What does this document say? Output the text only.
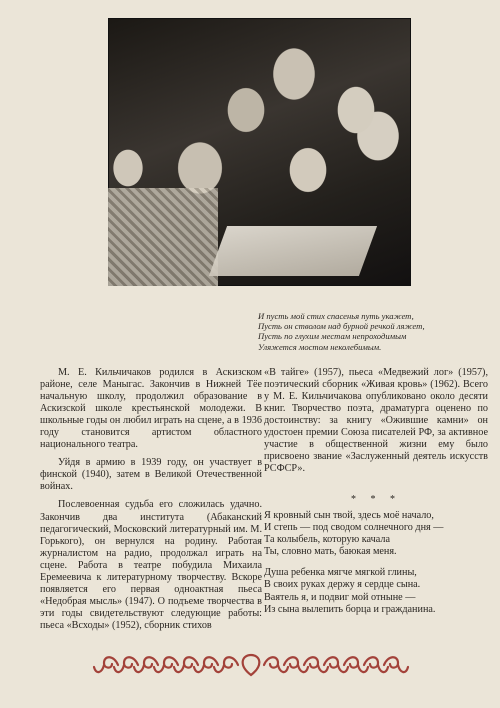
И пусть мой стих спасенья путь укажет,
Пусть он стволом над бурной речкой ляжет,
Пусть по глухим местам непроходимым
Уляжется мостом неколебимым.

М. Е. Кильчичаков родился в Аскизском районе, селе Маныгас. Закончив в Нижней Тёе начальную школу, продолжил образование в Аскизской школе крестьянской молодежи. В школьные годы он любил играть на сцене, а в 1936 году становится артистом областного национального театра.

Уйдя в армию в 1939 году, он участвует в финской (1940), затем в Великой Отечественной войнах.

Послевоенная судьба его сложилась удачно. Закончив два института (Абаканский педагогический, Московский литературный им. М. Горького), он вернулся на родину. Работая журналистом на радио, продолжал играть на сцене. Работа в театре побудила Михаила Еремеевича к литературному творчеству. Вскоре появляется его первая одноактная пьеса «Недобрая мысль» (1947). О подъеме творчества в эти годы свидетельствуют следующие работы: пьеса «Всходы» (1952), сборник стихов

«В тайге» (1957), пьеса «Медвежий лог» (1957), поэтический сборник «Живая кровь» (1962). Всего у М. Е. Кильчичакова опубликовано около десяти книг. Творчество поэта, драматурга оценено по достоинству: за книгу «Ожившие камни» он удостоен премии Союза писателей РФ, за активное участие в общественной жизни ему было присвоено звание «Заслуженный деятель искусств РСФСР».

* * *
Я кровный сын твой, здесь моё начало,
И степь — под сводом солнечного дня —
Та колыбель, которую качала
Ты, словно мать, баюкая меня.
Душа ребенка мягче мягкой глины,
В своих руках держу я сердце сына.
Ваятель я, и подвиг мой отныне —
Из сына вылепить борца и гражданина.
